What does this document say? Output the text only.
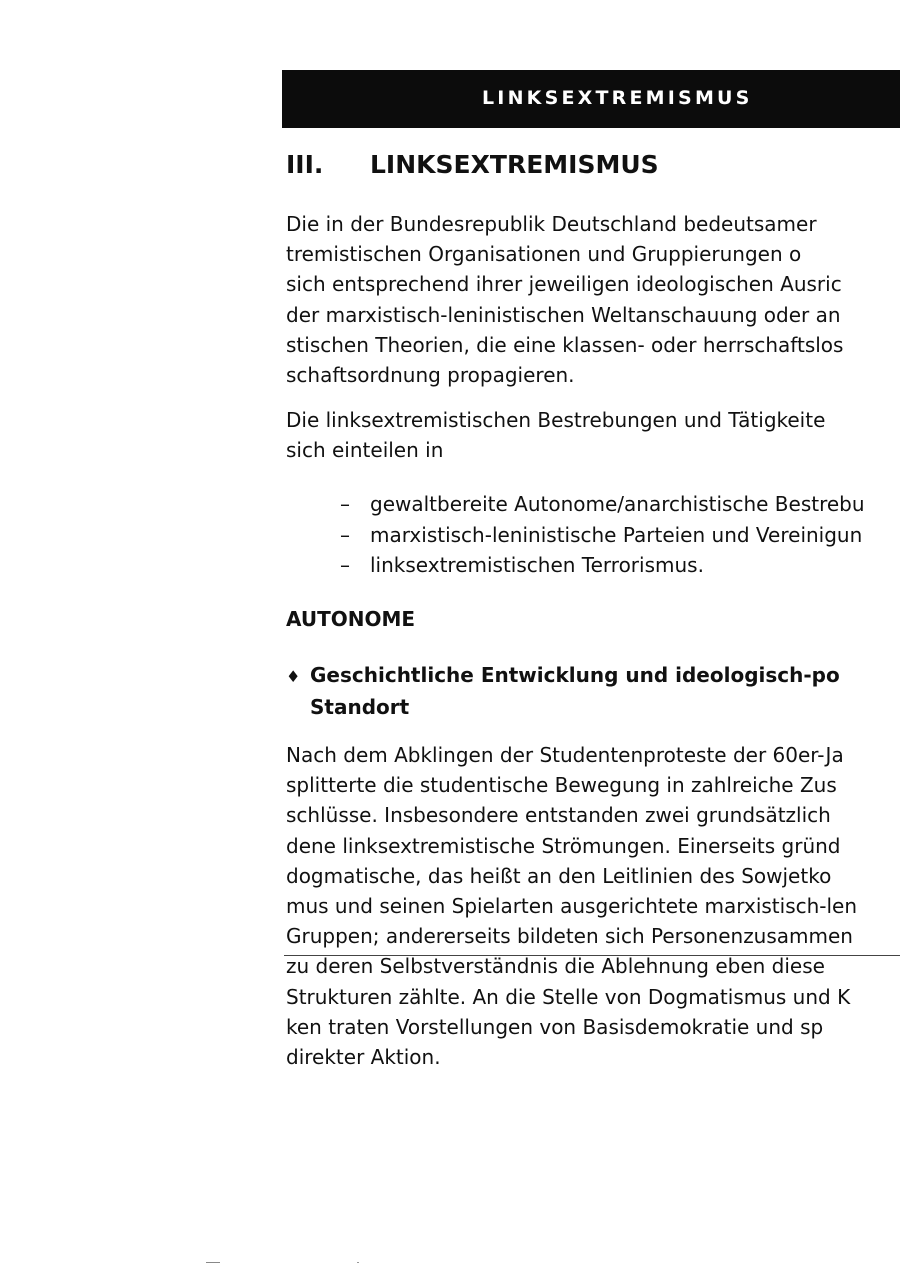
LINKSEXTREMISMUS
III. LINKSEXTREMISMUS
Die in der Bundesrepublik Deutschland bedeutsamer
tremistischen Organisationen und Gruppierungen o
sich entsprechend ihrer jeweiligen ideologischen Ausric
der marxistisch-leninistischen Weltanschauung oder an
stischen Theorien, die eine klassen- oder herrschaftslos
schaftsordnung propagieren.
Die linksextremistischen Bestrebungen und Tätigkeite
sich einteilen in
– gewaltbereite Autonome/anarchistische Bestrebu
– marxistisch-leninistische Parteien und Vereinigun
– linksextremistischen Terrorismus.
AUTONOME
♦ Geschichtliche Entwicklung und ideologisch-po
Standort
Nach dem Abklingen der Studentenproteste der 60er-Ja
splitterte die studentische Bewegung in zahlreiche Zus
schlüsse. Insbesondere entstanden zwei grundsätzlich
dene linksextremistische Strömungen. Einerseits gründ
dogmatische, das heißt an den Leitlinien des Sowjetko
mus und seinen Spielarten ausgerichtete marxistisch-len
Gruppen; andererseits bildeten sich Personenzusammen
zu deren Selbstverständnis die Ablehnung eben diese
Strukturen zählte. An die Stelle von Dogmatismus und K
ken traten Vorstellungen von Basisdemokratie und sp
direkter Aktion.
